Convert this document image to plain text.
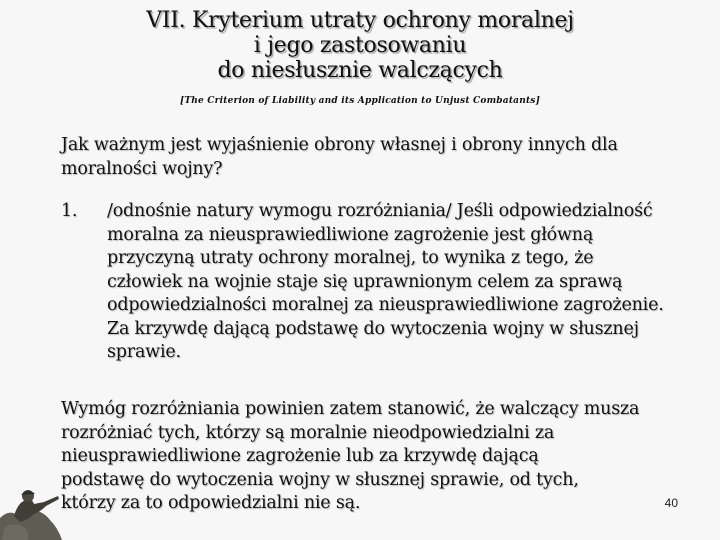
VII. Kryterium utraty ochrony moralnej
i jego zastosowaniu
do niesłusznie walczących
[The Criterion of Liability and its Application to Unjust Combatants]
Jak ważnym jest wyjaśnienie obrony własnej i obrony innych dla
moralności wojny?
1. /odnośnie natury wymogu rozróżniania/ Jeśli odpowiedzialność
moralna za nieusprawiedliwione zagrożenie jest główną
przyczyną utraty ochrony moralnej, to wynika z tego, że
człowiek na wojnie staje się uprawnionym celem za sprawą
odpowiedzialności moralnej za nieusprawiedliwione zagrożenie.
Za krzywdę dającą podstawę do wytoczenia wojny w słusznej
sprawie.
Wymóg rozróżniania powinien zatem stanowić, że walczący musza
rozróżniać tych, którzy są moralnie nieodpowiedzialni za
nieusprawiedliwione zagrożenie lub za krzywdę dającą
podstawę do wytoczenia wojny w słusznej sprawie, od tych,
którzy za to odpowiedzialni nie są.	40
